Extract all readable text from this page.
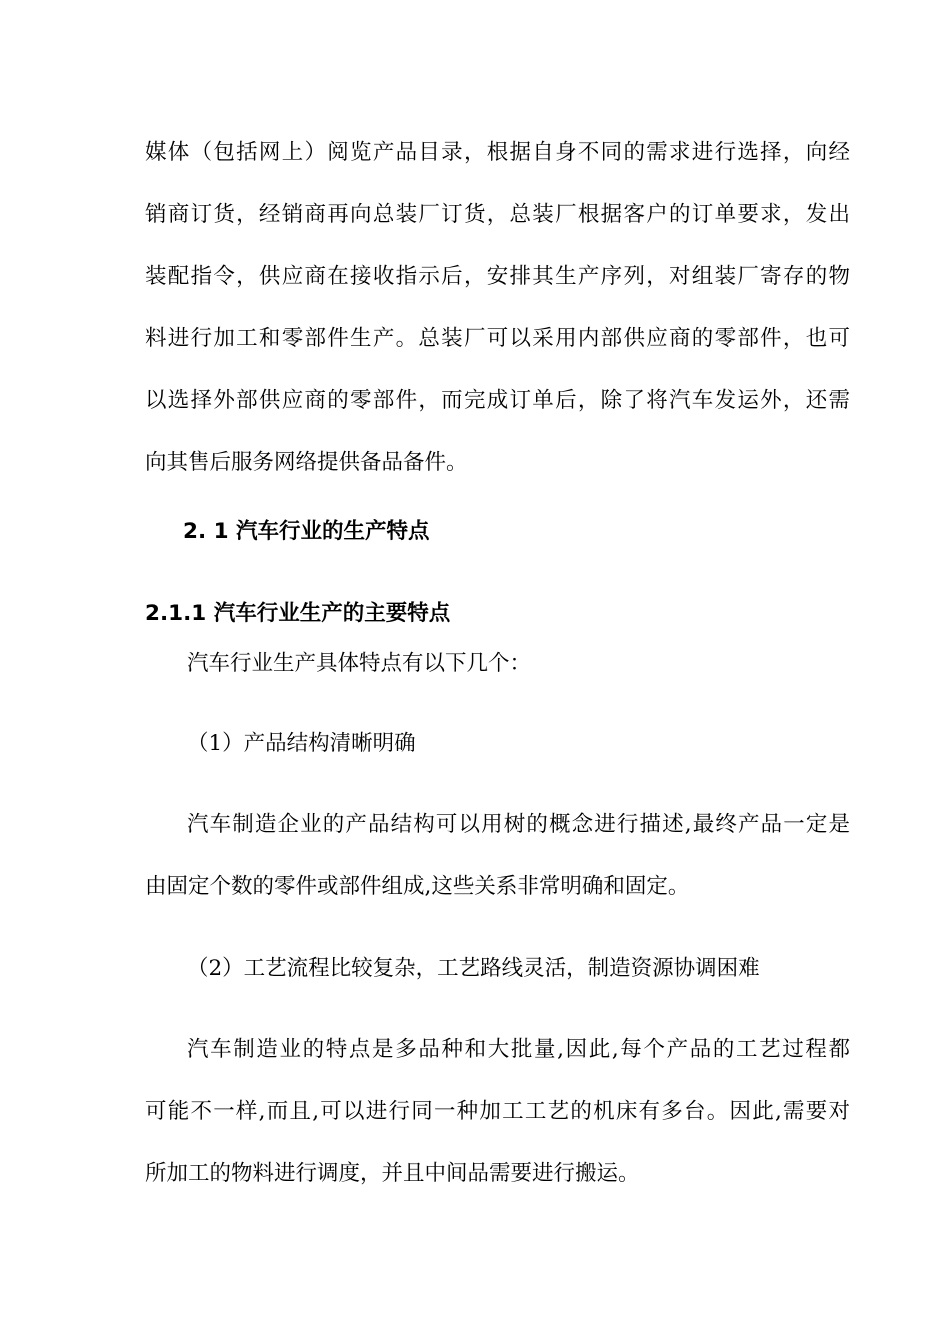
媒体（包括网上）阅览产品目录，根据自身不同的需求进行选择，向经
销商订货，经销商再向总装厂订货，总装厂根据客户的订单要求，发出
装配指令，供应商在接收指示后，安排其生产序列，对组装厂寄存的物
料进行加工和零部件生产。总装厂可以采用内部供应商的零部件，也可
以选择外部供应商的零部件，而完成订单后，除了将汽车发运外，还需
向其售后服务网络提供备品备件。
2. 1 汽车行业的生产特点
2.1.1 汽车行业生产的主要特点
汽车行业生产具体特点有以下几个：
（1）产品结构清晰明确
汽车制造企业的产品结构可以用树的概念进行描述,最终产品一定是
由固定个数的零件或部件组成,这些关系非常明确和固定。
（2）工艺流程比较复杂，工艺路线灵活，制造资源协调困难
汽车制造业的特点是多品种和大批量,因此,每个产品的工艺过程都
可能不一样,而且,可以进行同一种加工工艺的机床有多台。因此,需要对
所加工的物料进行调度，并且中间品需要进行搬运。
